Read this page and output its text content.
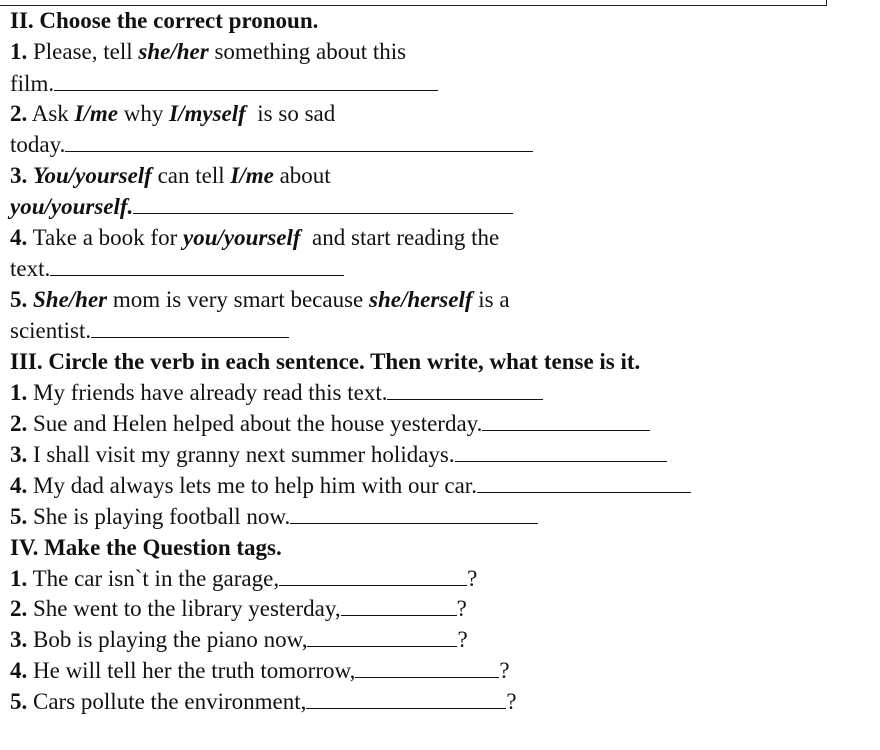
II. Choose the correct pronoun.
1. Please, tell she/her something about this
film.
2. Ask I/me why I/myself  is so sad
today.
3. You/yourself can tell I/me about
you/yourself.
4. Take a book for you/yourself  and start reading the
text.
5. She/her mom is very smart because she/herself is a
scientist.
III. Circle the verb in each sentence. Then write, what tense is it.
1. My friends have already read this text.
2. Sue and Helen helped about the house yesterday.
3. I shall visit my granny next summer holidays.
4. My dad always lets me to help him with our car.
5. She is playing football now.
IV. Make the Question tags.
1. The car isn`t in the garage,	?
2. She went to the library yesterday,	?
3. Bob is playing the piano now,	?
4. He will tell her the truth tomorrow,	?
5. Cars pollute the environment,	?
